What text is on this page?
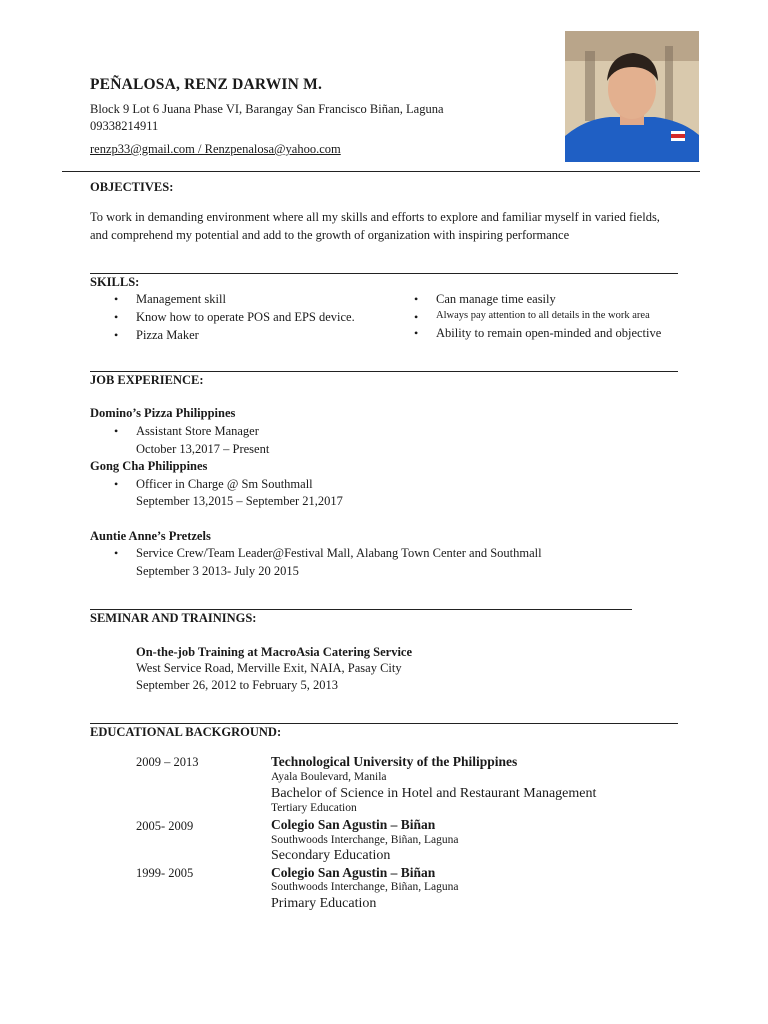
PEÑALOSA, RENZ DARWIN M.
Block 9 Lot 6 Juana Phase VI, Barangay San Francisco Biñan, Laguna
09338214911
renzp33@gmail.com / Renzpenalosa@yahoo.com
OBJECTIVES:
To work in demanding environment where all my skills and efforts to explore and familiar myself in varied fields,
and comprehend my potential and add to the growth of organization with inspiring performance
SKILLS:
• Management skill
• Know how to operate POS and EPS device.
• Pizza Maker
• Can manage time easily
• Always pay attention to all details in the work area
• Ability to remain open-minded and objective
JOB EXPERIENCE:
Domino’s Pizza Philippines
• Assistant Store Manager
October 13,2017 – Present
Gong Cha Philippines
• Officer in Charge @ Sm Southmall
September 13,2015 – September 21,2017
Auntie Anne’s Pretzels
• Service Crew/Team Leader@Festival Mall, Alabang Town Center and Southmall
September 3 2013- July 20 2015
SEMINAR AND TRAININGS:
On-the-job Training at MacroAsia Catering Service
West Service Road, Merville Exit, NAIA, Pasay City
September 26, 2012 to February 5, 2013
EDUCATIONAL BACKGROUND:
2009 – 2013	Technological University of the Philippines
Ayala Boulevard, Manila
Bachelor of Science in Hotel and Restaurant Management
Tertiary Education
2005- 2009	Colegio San Agustin – Biñan
Southwoods Interchange, Biñan, Laguna
Secondary Education
1999- 2005	Colegio San Agustin – Biñan
Southwoods Interchange, Biñan, Laguna
Primary Education
